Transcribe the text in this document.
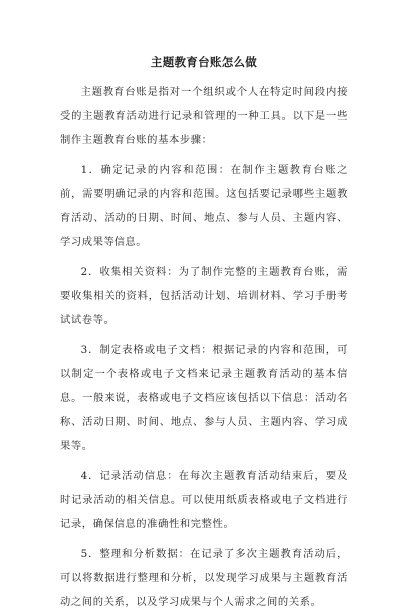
主题教育台账怎么做

主题教育台账是指对一个组织或个人在特定时间段内接受的主题教育活动进行记录和管理的一种工具。以下是一些制作主题教育台账的基本步骤：

1．确定记录的内容和范围：在制作主题教育台账之前，需要明确记录的内容和范围。这包括要记录哪些主题教育活动、活动的日期、时间、地点、参与人员、主题内容、学习成果等信息。

2．收集相关资料：为了制作完整的主题教育台账，需要收集相关的资料，包括活动计划、培训材料、学习手册考试试卷等。

3．制定表格或电子文档：根据记录的内容和范围，可以制定一个表格或电子文档来记录主题教育活动的基本信息。一般来说，表格或电子文档应该包括以下信息：活动名称、活动日期、时间、地点、参与人员、主题内容、学习成果等。

4．记录活动信息：在每次主题教育活动结束后，要及时记录活动的相关信息。可以使用纸质表格或电子文档进行记录，确保信息的准确性和完整性。

5．整理和分析数据：在记录了多次主题教育活动后，可以将数据进行整理和分析，以发现学习成果与主题教育活动之间的关系，以及学习成果与个人需求之间的关系。
